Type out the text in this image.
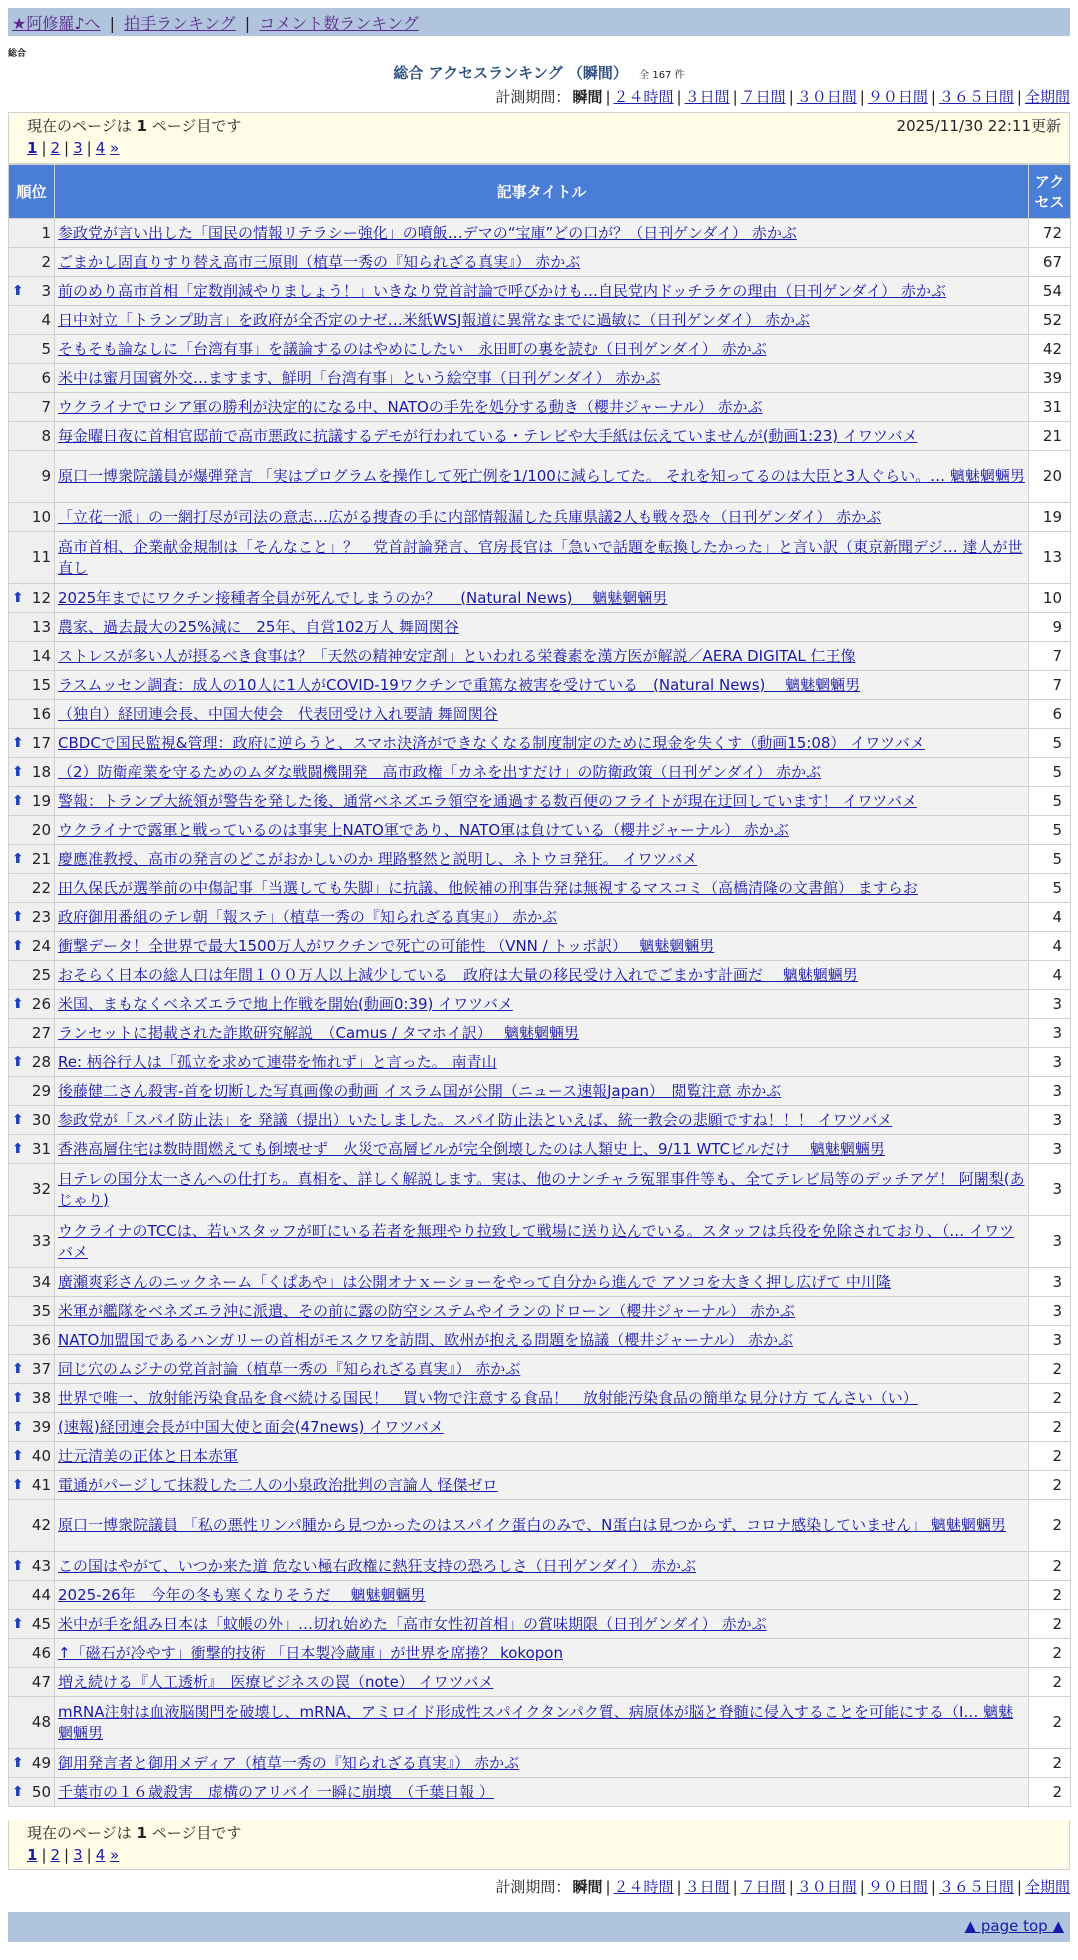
★阿修羅♪へ | 拍手ランキング | コメント数ランキング
総合
総合 アクセスランキング （瞬間） 全 167 件
計測期間： 瞬間 | ２４時間 | ３日間 | ７日間 | ３０日間 | ９０日間 | ３６５日間 | 全期間
現在のページは 1 ページ目です	2025/11/30 22:11更新
1 | 2 | 3 | 4 »
順位	記事タイトル	アクセス
1	参政党が言い出した「国民の情報リテラシー強化」の噴飯…デマの“宝庫”どの口が？（日刊ゲンダイ） 赤かぶ	72
2	ごまかし固直りすり替え高市三原則（植草一秀の『知られざる真実』） 赤かぶ	67

⬆ 3	前のめり高市首相「定数削減やりましょう！」いきなり党首討論で呼びかけも…自民党内ドッチラケの理由（日刊ゲンダイ） 赤かぶ	54
4	日中対立「トランプ助言」を政府が全否定のナゼ…米紙WSJ報道に異常なまでに過敏に（日刊ゲンダイ） 赤かぶ	52
5	そもそも論なしに「台湾有事」を議論するのはやめにしたい　永田町の裏を読む（日刊ゲンダイ） 赤かぶ	42
6	米中は蜜月国賓外交…ますます、鮮明「台湾有事」という絵空事（日刊ゲンダイ） 赤かぶ	39
7	ウクライナでロシア軍の勝利が決定的になる中、NATOの手先を処分する動き（櫻井ジャーナル） 赤かぶ	31
8	毎金曜日夜に首相官邸前で高市悪政に抗議するデモが行われている・テレビや大手紙は伝えていませんが(動画1:23) イワツバメ	21
9	原口一博衆院議員が爆弾発言 「実はプログラムを操作して死亡例を1/100に減らしてた。 それを知ってるのは大臣と3人ぐらい。… 魑魅魍魎男	20
10	「立花一派」の一網打尽が司法の意志…広がる捜査の手に内部情報漏した兵庫県議2人も戦々恐々（日刊ゲンダイ） 赤かぶ	19
11	高市首相、企業献金規制は「そんなこと」？　党首討論発言、官房長官は「急いで話題を転換したかった」と言い訳（東京新聞デジ… 達人が世直し	13

⬆ 12	2025年までにワクチン接種者全員が死んでしまうのか？ 　(Natural News)　 魑魅魍魎男	10
13	農家、過去最大の25%減に　25年、自営102万人 舞岡関谷	9
14	ストレスが多い人が摂るべき食事は？「天然の精神安定剤」といわれる栄養素を漢方医が解説／AERA DIGITAL 仁王像	7
15	ラスムッセン調査：成人の10人に1人がCOVID-19ワクチンで重篤な被害を受けている　(Natural News)　 魑魅魍魎男	7
16	（独自）経団連会長、中国大使会　代表団受け入れ要請 舞岡関谷	6

⬆ 17	CBDCで国民監視&管理：政府に逆らうと、スマホ決済ができなくなる制度制定のために現金を失くす（動画15:08） イワツバメ	5

⬆ 18	（2）防衛産業を守るためのムダな戦闘機開発　高市政権「カネを出すだけ」の防衛政策（日刊ゲンダイ） 赤かぶ	5

⬆ 19	警報：トランプ大統領が警告を発した後、通常ベネズエラ領空を通過する数百便のフライトが現在迂回しています！ イワツバメ	5
20	ウクライナで露軍と戦っているのは事実上NATO軍であり、NATO軍は負けている（櫻井ジャーナル） 赤かぶ	5

⬆ 21	慶應准教授、高市の発言のどこがおかしいのか 理路整然と説明し、ネトウヨ発狂。 イワツバメ	5
22	田久保氏が選挙前の中傷記事「当選しても失脚」に抗議、他候補の刑事告発は無視するマスコミ（高橋清隆の文書館） ますらお	5

⬆ 23	政府御用番組のテレ朝「報ステ」（植草一秀の『知られざる真実』） 赤かぶ	4

⬆ 24	衝撃データ！全世界で最大1500万人がワクチンで死亡の可能性 （VNN / トッポ訳）　 魑魅魍魎男	4
25	おそらく日本の総人口は年間１００万人以上減少している　政府は大量の移民受け入れでごまかす計画だ　 魑魅魍魎男	4

⬆ 26	米国、まもなくベネズエラで地上作戦を開始(動画0:39) イワツバメ	3
27	ランセットに掲載された詐欺研究解説　（Camus / タマホイ訳）　 魑魅魍魎男	3

⬆ 28	Re: 柄谷行人は「孤立を求めて連帯を怖れず」と言った。 南青山	3
29	後藤健二さん殺害-首を切断した写真画像の動画 イスラム国が公開（ニュース速報Japan）　閲覧注意 赤かぶ	3

⬆ 30	参政党が「スパイ防止法」を 発議（提出）いたしました。スパイ防止法といえば、統一教会の悲願ですね！！！ イワツバメ	3

⬆ 31	香港高層住宅は数時間燃えても倒壊せず　火災で高層ビルが完全倒壊したのは人類史上、9/11 WTCビルだけ　 魑魅魍魎男	3
32	日テレの国分太一さんへの仕打ち。真相を、詳しく解説します。実は、他のナンチャラ冤罪事件等も、全てテレビ局等のデッチアゲ！ 阿闍梨(あじゃり)	3
33	ウクライナのTCCは、若いスタッフが町にいる若者を無理やり拉致して戦場に送り込んでいる。スタッフは兵役を免除されており、（… イワツバメ	3
34	廣瀬爽彩さんのニックネーム「くぱあや」は公開オナｘーショーをやって自分から進んで アソコを大きく押し広げて 中川隆	3
35	米軍が艦隊をベネズエラ沖に派遣、その前に露の防空システムやイランのドローン（櫻井ジャーナル） 赤かぶ	3
36	NATO加盟国であるハンガリーの首相がモスクワを訪問、欧州が抱える問題を協議（櫻井ジャーナル） 赤かぶ	3

⬆ 37	同じ穴のムジナの党首討論（植草一秀の『知られざる真実』） 赤かぶ	2

⬆ 38	世界で唯一、放射能汚染食品を食べ続ける国民！　買い物で注意する食品！　放射能汚染食品の簡単な見分け方 てんさい（い）	2

⬆ 39	(速報)経団連会長が中国大使と面会(47news) イワツバメ	2

⬆ 40	辻元清美の正体と日本赤軍	2

⬆ 41	電通がパージして抹殺した二人の小泉政治批判の言論人 怪傑ゼロ	2
42	原口一博衆院議員 「私の悪性リンパ腫から見つかったのはスパイク蛋白のみで、N蛋白は見つからず、コロナ感染していません」 魑魅魍魎男	2

⬆ 43	この国はやがて、いつか来た道 危ない極右政権に熱狂支持の恐ろしさ（日刊ゲンダイ） 赤かぶ	2
44	2025-26年　今年の冬も寒くなりそうだ　 魑魅魍魎男	2

⬆ 45	米中が手を組み日本は「蚊帳の外」…切れ始めた「高市女性初首相」の賞味期限（日刊ゲンダイ） 赤かぶ	2
46	↑「磁石が冷やす」衝撃的技術 「日本製冷蔵庫」が世界を席捲？ kokopon	2
47	増え続ける『人工透析』　医療ビジネスの罠（note） イワツバメ	2
48	mRNA注射は血液脳関門を破壊し、mRNA、アミロイド形成性スパイクタンパク質、病原体が脳と脊髄に侵入することを可能にする（I… 魑魅魍魎男	2

⬆ 49	御用発言者と御用メディア（植草一秀の『知られざる真実』） 赤かぶ	2

⬆ 50	千葉市の１６歳殺害　虚構のアリバイ 一瞬に崩壊　（千葉日報 ）	2
現在のページは 1 ページ目です
1 | 2 | 3 | 4 »
計測期間： 瞬間 | ２４時間 | ３日間 | ７日間 | ３０日間 | ９０日間 | ３６５日間 | 全期間
▲ page top ▲
